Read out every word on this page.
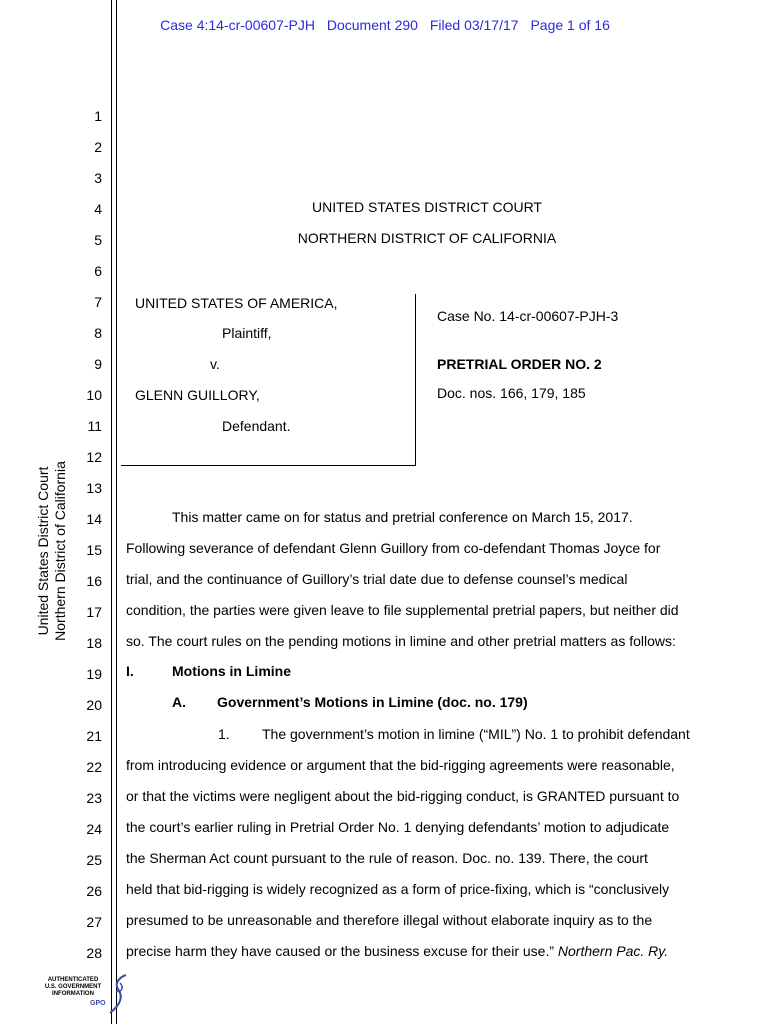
Case 4:14-cr-00607-PJH Document 290 Filed 03/17/17 Page 1 of 16
1
2
3
4
5
6
7
8
9
10
11
12
13
14
15
16
17
18
19
20
21
22
23
24
25
26
27
28
United States District Court Northern District of California
UNITED STATES DISTRICT COURT
NORTHERN DISTRICT OF CALIFORNIA
UNITED STATES OF AMERICA,
Plaintiff,
v.
GLENN GUILLORY,
Defendant.
Case No. 14-cr-00607-PJH-3
PRETRIAL ORDER NO. 2
Doc. nos. 166, 179, 185
This matter came on for status and pretrial conference on March 15, 2017.
Following severance of defendant Glenn Guillory from co-defendant Thomas Joyce for
trial, and the continuance of Guillory’s trial date due to defense counsel’s medical
condition, the parties were given leave to file supplemental pretrial papers, but neither did
so. The court rules on the pending motions in limine and other pretrial matters as follows:
I.	Motions in Limine
A. Government’s Motions in Limine (doc. no. 179)
1. The government’s motion in limine (“MIL”) No. 1 to prohibit defendant
from introducing evidence or argument that the bid-rigging agreements were reasonable,
or that the victims were negligent about the bid-rigging conduct, is GRANTED pursuant to
the court’s earlier ruling in Pretrial Order No. 1 denying defendants’ motion to adjudicate
the Sherman Act count pursuant to the rule of reason. Doc. no. 139. There, the court
held that bid-rigging is widely recognized as a form of price-fixing, which is “conclusively
presumed to be unreasonable and therefore illegal without elaborate inquiry as to the
precise harm they have caused or the business excuse for their use.” Northern Pac. Ry.
AUTHENTICATED
U.S. GOVERNMENT
INFORMATION
GPO
